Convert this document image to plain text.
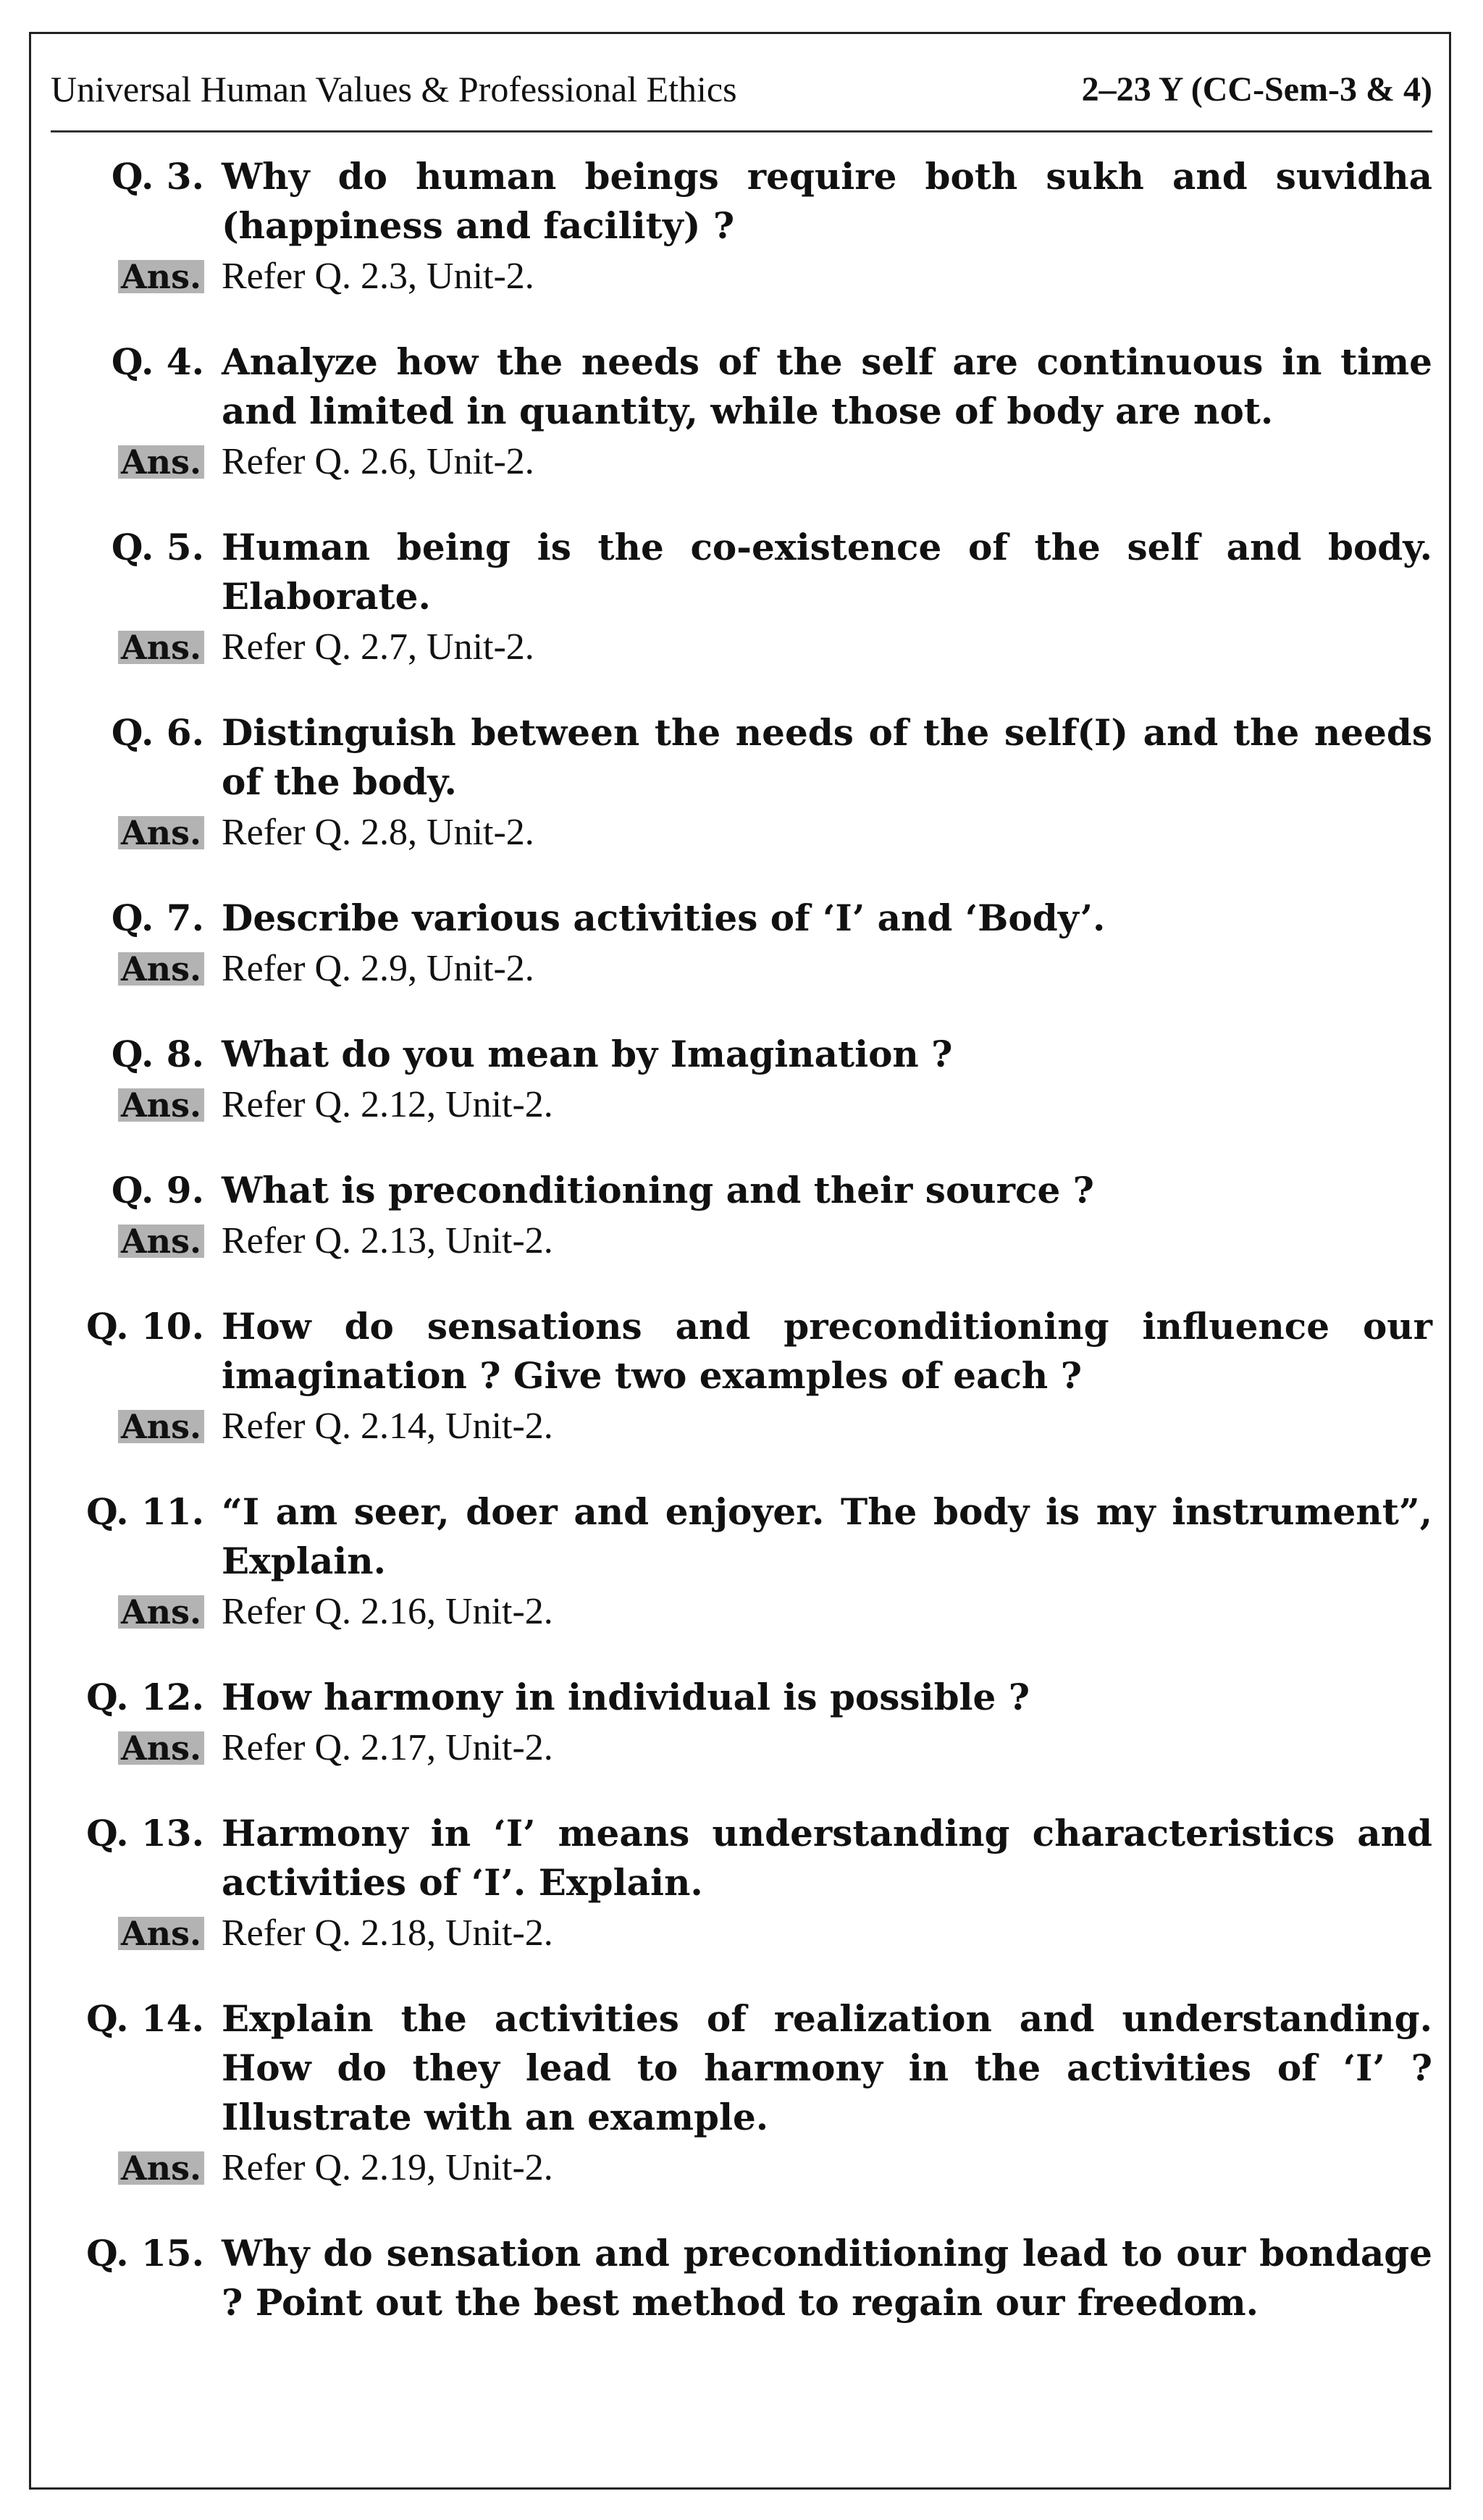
Universal Human Values & Professional Ethics	2–23 Y (CC-Sem-3 & 4)
Q. 3. Why do human beings require both sukh and suvidha (happiness and facility) ?
Ans. Refer Q. 2.3, Unit-2.
Q. 4. Analyze how the needs of the self are continuous in time and limited in quantity, while those of body are not.
Ans. Refer Q. 2.6, Unit-2.
Q. 5. Human being is the co-existence of the self and body. Elaborate.
Ans. Refer Q. 2.7, Unit-2.
Q. 6. Distinguish between the needs of the self(I) and the needs of the body.
Ans. Refer Q. 2.8, Unit-2.
Q. 7. Describe various activities of ‘I’ and ‘Body’.
Ans. Refer Q. 2.9, Unit-2.
Q. 8. What do you mean by Imagination ?
Ans. Refer Q. 2.12, Unit-2.
Q. 9. What is preconditioning and their source ?
Ans. Refer Q. 2.13, Unit-2.
Q. 10. How do sensations and preconditioning influence our imagination ? Give two examples of each ?
Ans. Refer Q. 2.14, Unit-2.
Q. 11. “I am seer, doer and enjoyer. The body is my instrument”, Explain.
Ans. Refer Q. 2.16, Unit-2.
Q. 12. How harmony in individual is possible ?
Ans. Refer Q. 2.17, Unit-2.
Q. 13. Harmony in ‘I’ means understanding characteristics and activities of ‘I’. Explain.
Ans. Refer Q. 2.18, Unit-2.
Q. 14. Explain the activities of realization and understanding. How do they lead to harmony in the activities of ‘I’ ? Illustrate with an example.
Ans. Refer Q. 2.19, Unit-2.
Q. 15. Why do sensation and preconditioning lead to our bondage ? Point out the best method to regain our freedom.
